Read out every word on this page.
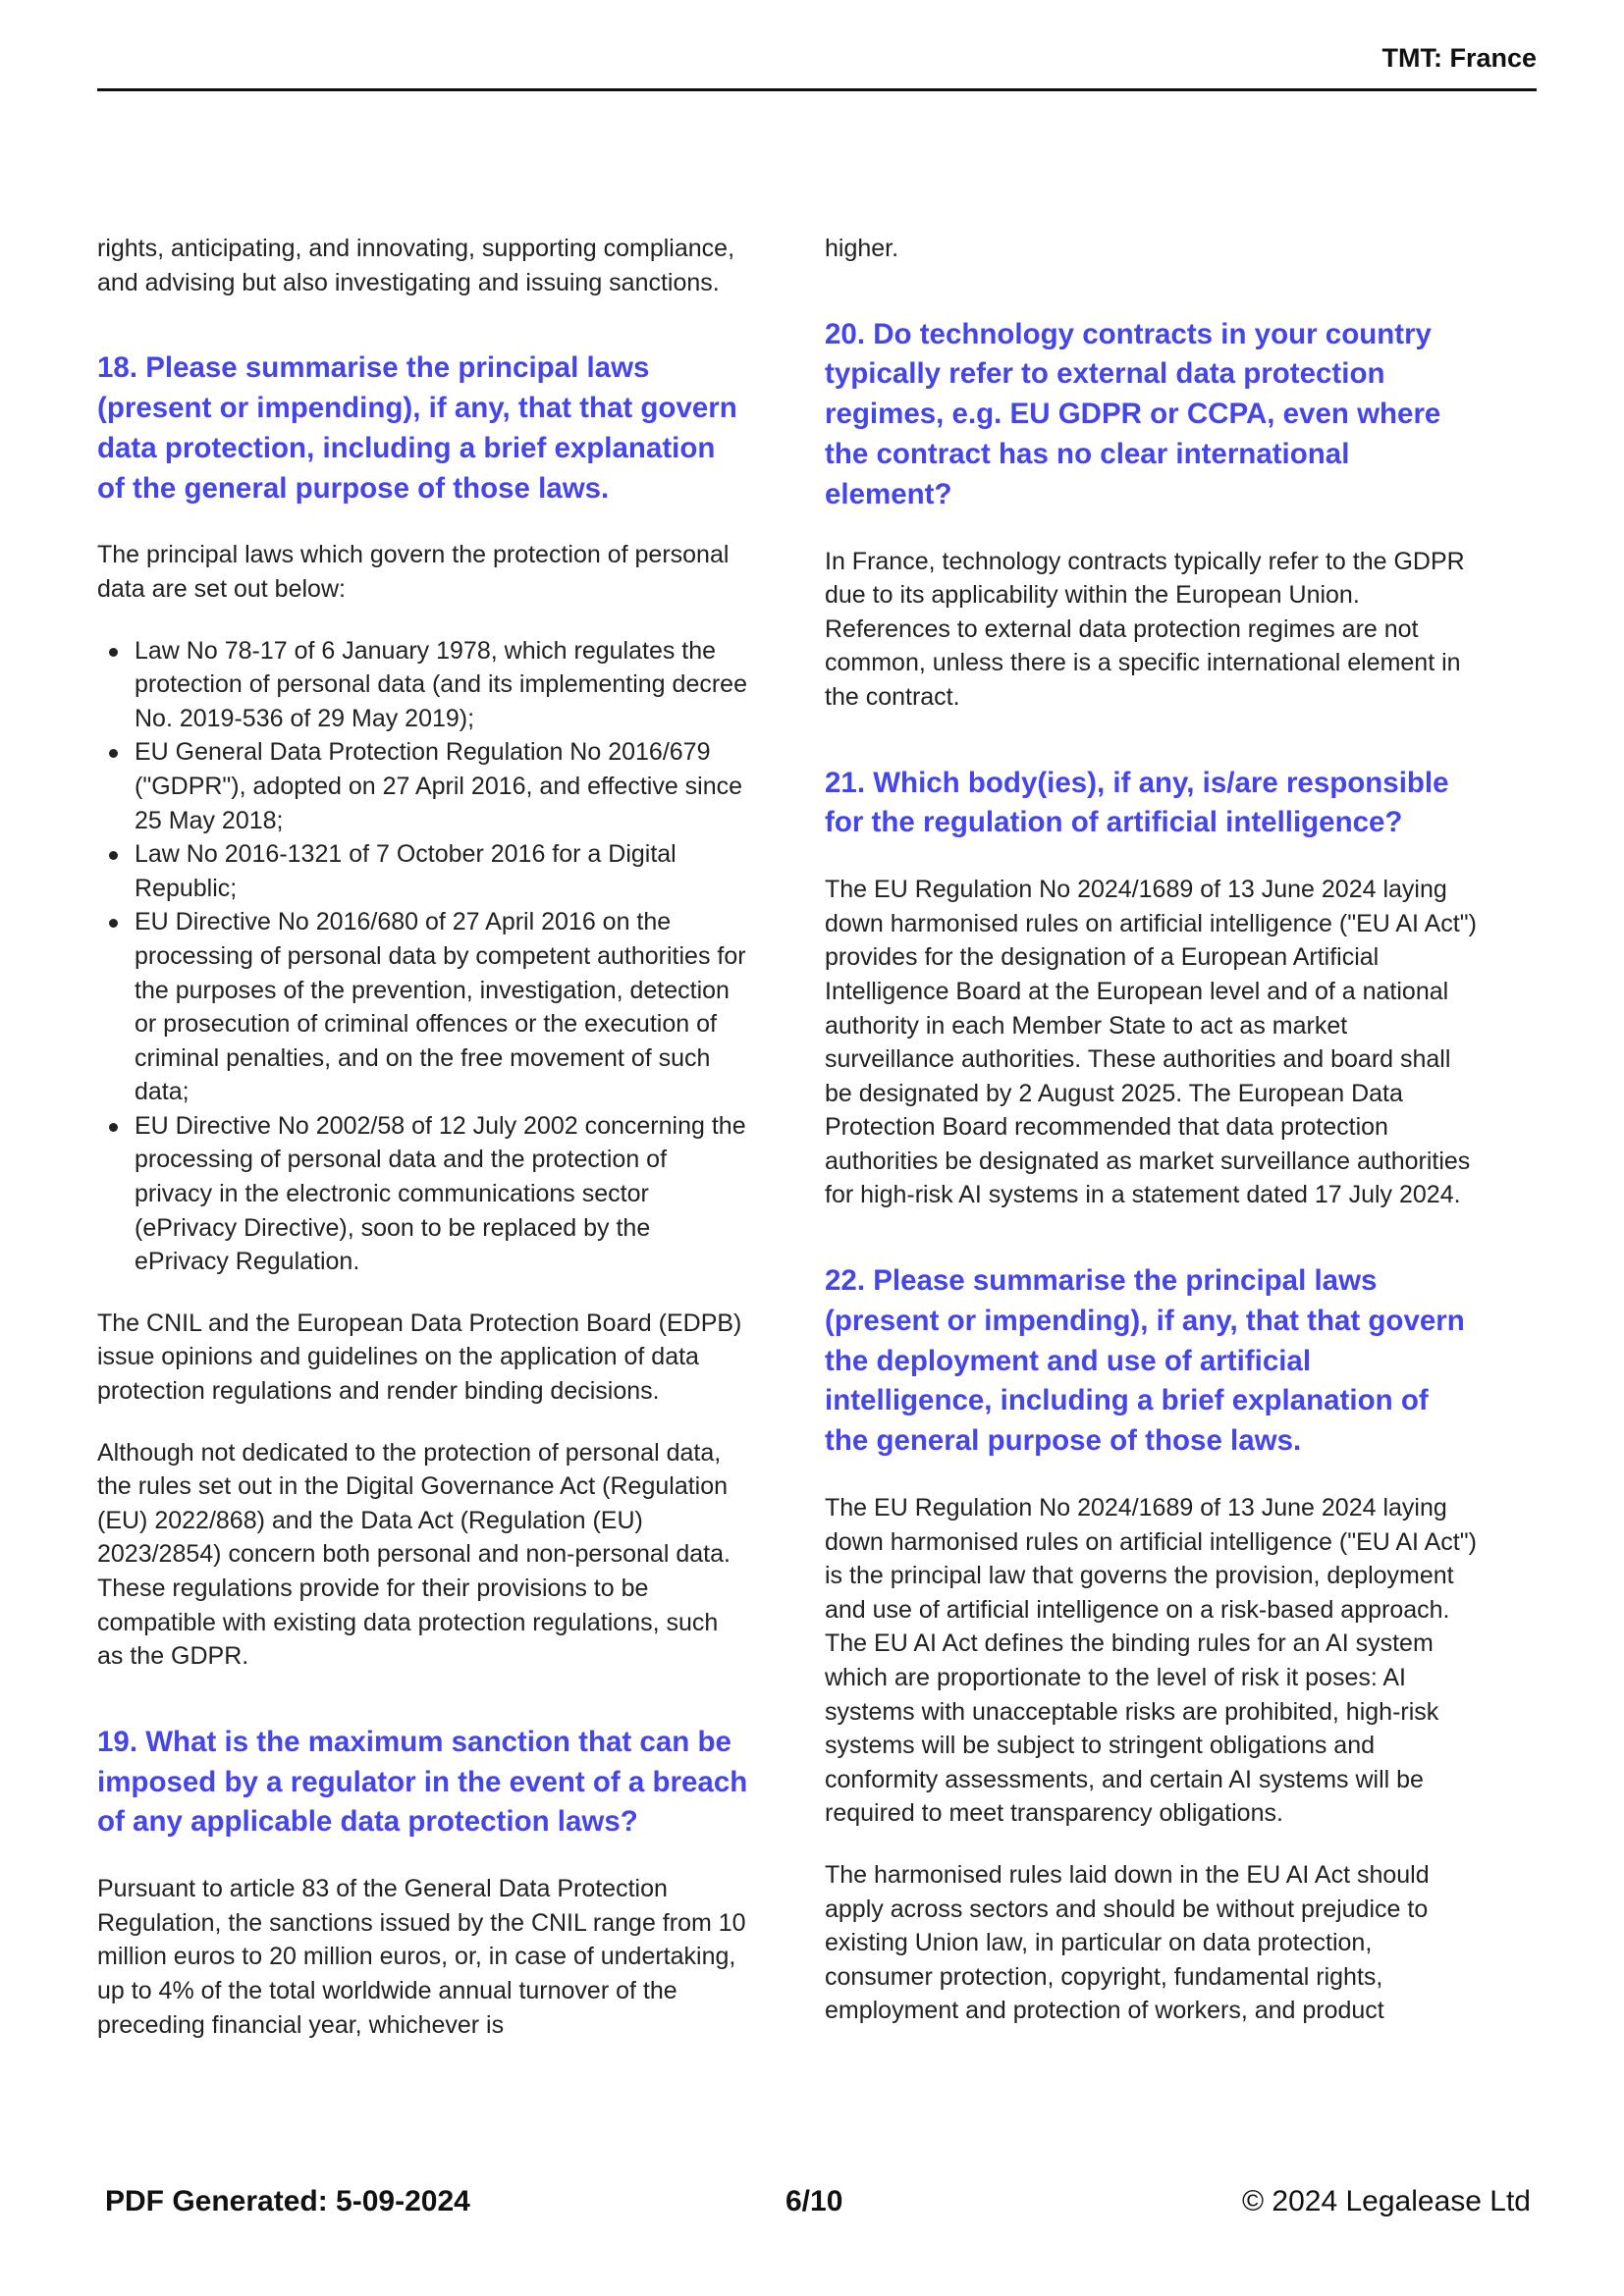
TMT: France

rights, anticipating, and innovating, supporting compliance, and advising but also investigating and issuing sanctions.

18. Please summarise the principal laws (present or impending), if any, that that govern data protection, including a brief explanation of the general purpose of those laws.

The principal laws which govern the protection of personal data are set out below:

Law No 78-17 of 6 January 1978, which regulates the protection of personal data (and its implementing decree No. 2019-536 of 29 May 2019);
EU General Data Protection Regulation No 2016/679 ("GDPR"), adopted on 27 April 2016, and effective since 25 May 2018;
Law No 2016-1321 of 7 October 2016 for a Digital Republic;
EU Directive No 2016/680 of 27 April 2016 on the processing of personal data by competent authorities for the purposes of the prevention, investigation, detection or prosecution of criminal offences or the execution of criminal penalties, and on the free movement of such data;
EU Directive No 2002/58 of 12 July 2002 concerning the processing of personal data and the protection of privacy in the electronic communications sector (ePrivacy Directive), soon to be replaced by the ePrivacy Regulation.

The CNIL and the European Data Protection Board (EDPB) issue opinions and guidelines on the application of data protection regulations and render binding decisions.

Although not dedicated to the protection of personal data, the rules set out in the Digital Governance Act (Regulation (EU) 2022/868) and the Data Act (Regulation (EU) 2023/2854) concern both personal and non-personal data. These regulations provide for their provisions to be compatible with existing data protection regulations, such as the GDPR.

19. What is the maximum sanction that can be imposed by a regulator in the event of a breach of any applicable data protection laws?

Pursuant to article 83 of the General Data Protection Regulation, the sanctions issued by the CNIL range from 10 million euros to 20 million euros, or, in case of undertaking, up to 4% of the total worldwide annual turnover of the preceding financial year, whichever is

higher.

20. Do technology contracts in your country typically refer to external data protection regimes, e.g. EU GDPR or CCPA, even where the contract has no clear international element?

In France, technology contracts typically refer to the GDPR due to its applicability within the European Union. References to external data protection regimes are not common, unless there is a specific international element in the contract.

21. Which body(ies), if any, is/are responsible for the regulation of artificial intelligence?

The EU Regulation No 2024/1689 of 13 June 2024 laying down harmonised rules on artificial intelligence ("EU AI Act") provides for the designation of a European Artificial Intelligence Board at the European level and of a national authority in each Member State to act as market surveillance authorities. These authorities and board shall be designated by 2 August 2025. The European Data Protection Board recommended that data protection authorities be designated as market surveillance authorities for high-risk AI systems in a statement dated 17 July 2024.

22. Please summarise the principal laws (present or impending), if any, that that govern the deployment and use of artificial intelligence, including a brief explanation of the general purpose of those laws.

The EU Regulation No 2024/1689 of 13 June 2024 laying down harmonised rules on artificial intelligence ("EU AI Act") is the principal law that governs the provision, deployment and use of artificial intelligence on a risk-based approach. The EU AI Act defines the binding rules for an AI system which are proportionate to the level of risk it poses: AI systems with unacceptable risks are prohibited, high-risk systems will be subject to stringent obligations and conformity assessments, and certain AI systems will be required to meet transparency obligations.

The harmonised rules laid down in the EU AI Act should apply across sectors and should be without prejudice to existing Union law, in particular on data protection, consumer protection, copyright, fundamental rights, employment and protection of workers, and product

PDF Generated: 5-09-2024	6/10	© 2024 Legalease Ltd
